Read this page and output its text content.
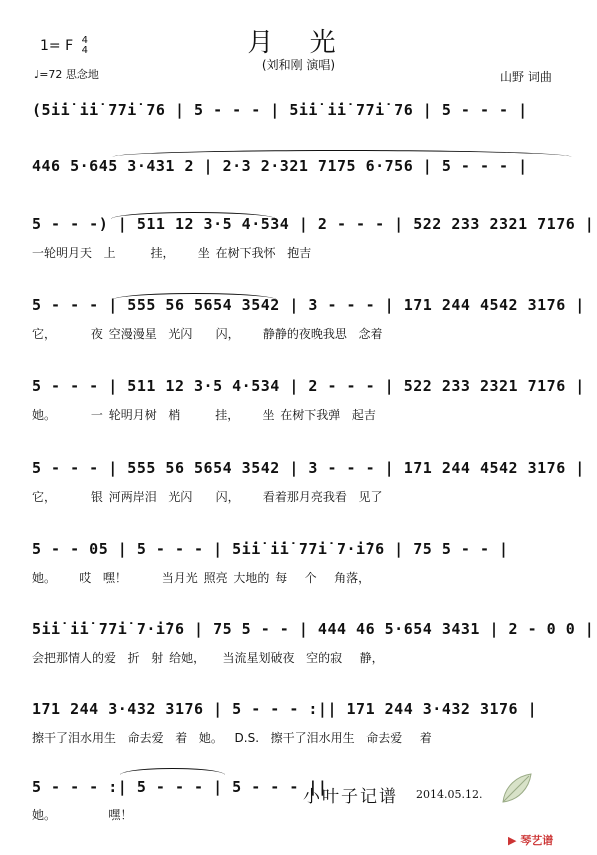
月 光
(刘和刚 演唱)
1= F 4
4
♩=72 思念地	山野 词曲
(5i̇i̇ i̇i̇ 77i̇ 76 | 5 - - - | 5i̇i̇ i̇i̇ 77i̇ 76 | 5 - - - |
446 5·645 3·431 2 | 2·3 2·321 7175 6·756 | 5 - - - |
5 - - -) | 511 12 3·5 4·534 | 2 - - - | 522 233 2321 7176 |
一轮明月天  上      挂，    坐 在树下我怀  抱吉
5 - - - | 555 56 5654 3542 | 3 - - - | 171 244 4542 3176 |
它，      夜 空漫漫星  光闪    闪，    静静的夜晚我思  念着
5 - - - | 511 12 3·5 4·534 | 2 - - - | 522 233 2321 7176 |
她。      一 轮明月树  梢      挂，    坐 在树下我弹  起吉
5 - - - | 555 56 5654 3542 | 3 - - - | 171 244 4542 3176 |
它，      银 河两岸泪  光闪    闪，    看着那月亮我看  见了
5 - - 05 | 5 - - - | 5i̇i̇ i̇i̇ 77i̇ 7·i̇76 | 75 5 - - |
她。    哎  嘿！      当月光 照亮 大地的 每   个   角落，
5i̇i̇ i̇i̇ 77i̇ 7·i̇76 | 75 5 - - | 444 46 5·654 3431 | 2 - 0 0 |
会把那情人的爱  折  射 给她，   当流星划破夜  空的寂   静，
171 244 3·432 3176 | 5 - - - :|| 171 244 3·432 3176 |
擦干了泪水用生  命去爱  着  她。  D.S.  擦干了泪水用生  命去爱   着
5 - - - :| 5 - - - | 5 - - - ||
她。         嘿！
小叶子记谱 2014.05.12.
▶ 琴艺谱
